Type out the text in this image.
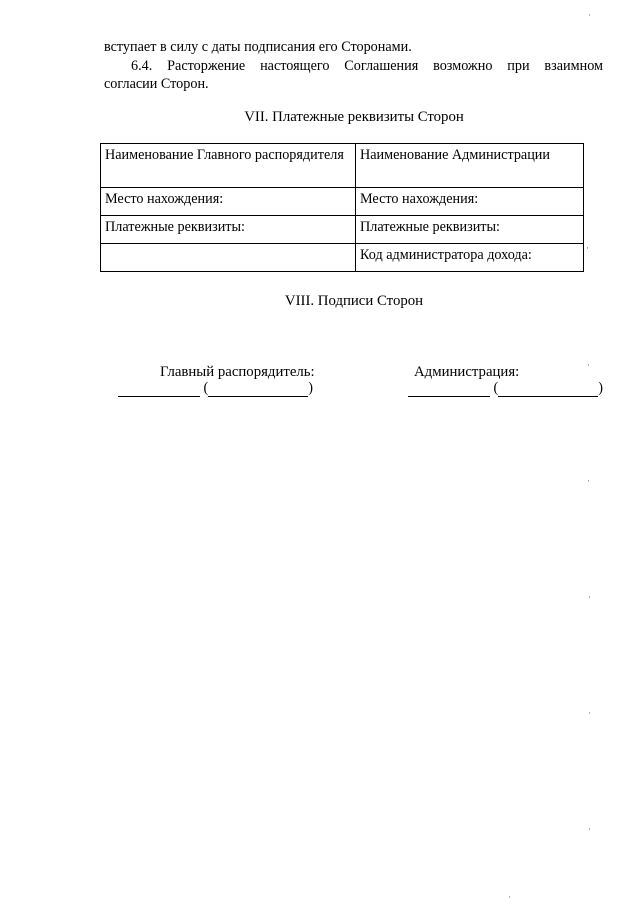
вступает в силу с даты подписания его Сторонами.
6.4. Расторжение настоящего Соглашения возможно при взаимном
согласии Сторон.
VII. Платежные реквизиты Сторон
Наименование Главного распорядителя	Наименование Администрации
Место нахождения:	Место нахождения:
Платежные реквизиты:	Платежные реквизиты:
	Код администратора дохода:
VIII. Подписи Сторон
Главный распорядитель:	Администрация:
(	)	(	)
·
·
·
·
·
·
·
·
